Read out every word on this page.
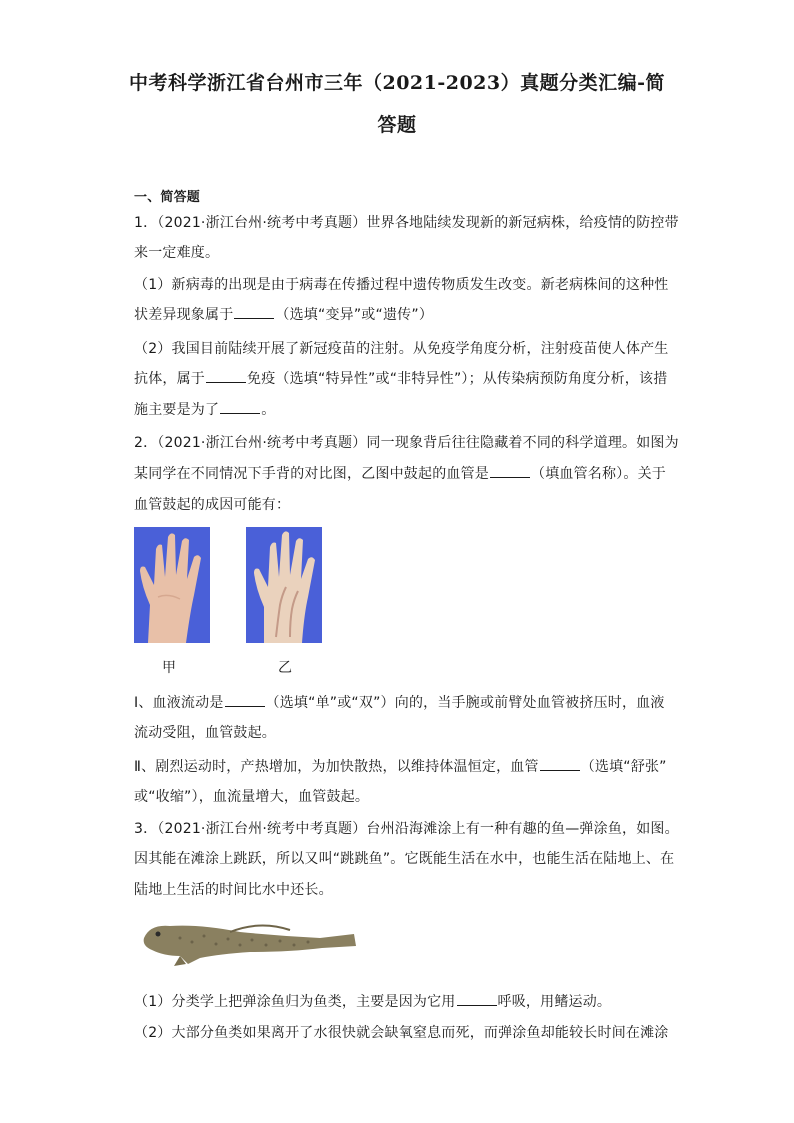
中考科学浙江省台州市三年（2021-2023）真题分类汇编-简
答题
一、简答题
1．（2021·浙江台州·统考中考真题）世界各地陆续发现新的新冠病株，给疫情的防控带
来一定难度。
（1）新病毒的出现是由于病毒在传播过程中遗传物质发生改变。新老病株间的这种性
状差异现象属于	（选填“变异”或“遗传”）
（2）我国目前陆续开展了新冠疫苗的注射。从免疫学角度分析，注射疫苗使人体产生
抗体，属于	免疫（选填“特异性”或“非特异性”）；从传染病预防角度分析，该措
施主要是为了	。
2．（2021·浙江台州·统考中考真题）同一现象背后往往隐藏着不同的科学道理。如图为
某同学在不同情况下手背的对比图，乙图中鼓起的血管是	（填血管名称）。关于
血管鼓起的成因可能有：
甲	乙
Ⅰ、血液流动是	（选填“单”或“双”）向的，当手腕或前臂处血管被挤压时，血液
流动受阻，血管鼓起。
Ⅱ、剧烈运动时，产热增加，为加快散热，以维持体温恒定，血管	（选填“舒张”
或“收缩”），血流量增大，血管鼓起。
3．（2021·浙江台州·统考中考真题）台州沿海滩涂上有一种有趣的鱼—弹涂鱼，如图。
因其能在滩涂上跳跃，所以又叫“跳跳鱼”。它既能生活在水中，也能生活在陆地上、在
陆地上生活的时间比水中还长。
（1）分类学上把弹涂鱼归为鱼类，主要是因为它用	呼吸，用鳍运动。
（2）大部分鱼类如果离开了水很快就会缺氧窒息而死，而弹涂鱼却能较长时间在滩涂
